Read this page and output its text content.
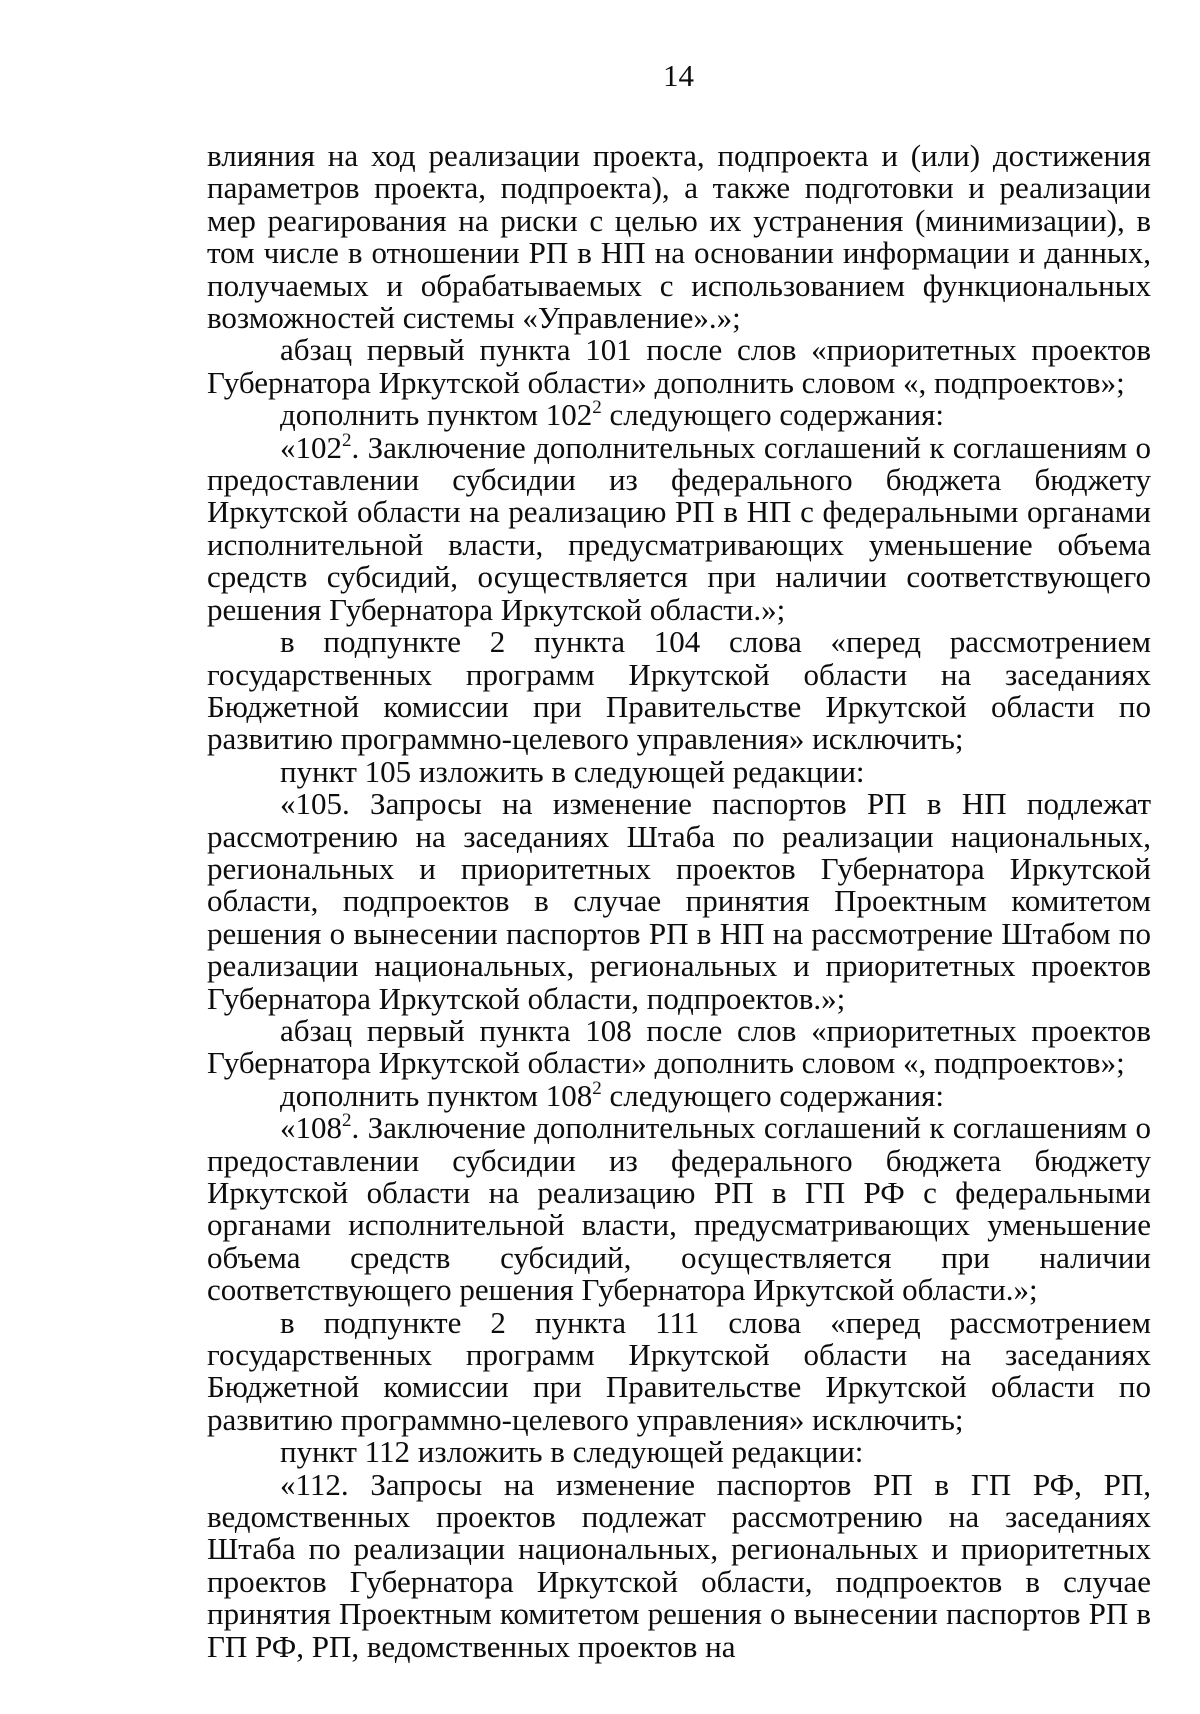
14

влияния на ход реализации проекта, подпроекта и (или) достижения параметров проекта, подпроекта), а также подготовки и реализации мер реагирования на риски с целью их устранения (минимизации), в том числе в отношении РП в НП на основании информации и данных, получаемых и обрабатываемых с использованием функциональных возможностей системы «Управление».»;

абзац первый пункта 101 после слов «приоритетных проектов Губернатора Иркутской области» дополнить словом «, подпроектов»;

дополнить пунктом $102^2$ следующего содержания:

«$102^2$. Заключение дополнительных соглашений к соглашениям о предоставлении субсидии из федерального бюджета бюджету Иркутской области на реализацию РП в НП с федеральными органами исполнительной власти, предусматривающих уменьшение объема средств субсидий, осуществляется при наличии соответствующего решения Губернатора Иркутской области.»;

в подпункте 2 пункта 104 слова «перед рассмотрением государственных программ Иркутской области на заседаниях Бюджетной комиссии при Правительстве Иркутской области по развитию программно-целевого управления» исключить;

пункт 105 изложить в следующей редакции:

«105. Запросы на изменение паспортов РП в НП подлежат рассмотрению на заседаниях Штаба по реализации национальных, региональных и приоритетных проектов Губернатора Иркутской области, подпроектов в случае принятия Проектным комитетом решения о вынесении паспортов РП в НП на рассмотрение Штабом по реализации национальных, региональных и приоритетных проектов Губернатора Иркутской области, подпроектов.»;

абзац первый пункта 108 после слов «приоритетных проектов Губернатора Иркутской области» дополнить словом «, подпроектов»;

дополнить пунктом $108^2$ следующего содержания:

«$108^2$. Заключение дополнительных соглашений к соглашениям о предоставлении субсидии из федерального бюджета бюджету Иркутской области на реализацию РП в ГП РФ с федеральными органами исполнительной власти, предусматривающих уменьшение объема средств субсидий, осуществляется при наличии соответствующего решения Губернатора Иркутской области.»;

в подпункте 2 пункта 111 слова «перед рассмотрением государственных программ Иркутской области на заседаниях Бюджетной комиссии при Правительстве Иркутской области по развитию программно-целевого управления» исключить;

пункт 112 изложить в следующей редакции:

«112. Запросы на изменение паспортов РП в ГП РФ, РП, ведомственных проектов подлежат рассмотрению на заседаниях Штаба по реализации национальных, региональных и приоритетных проектов Губернатора Иркутской области, подпроектов в случае принятия Проектным комитетом решения о вынесении паспортов РП в ГП РФ, РП, ведомственных проектов на
